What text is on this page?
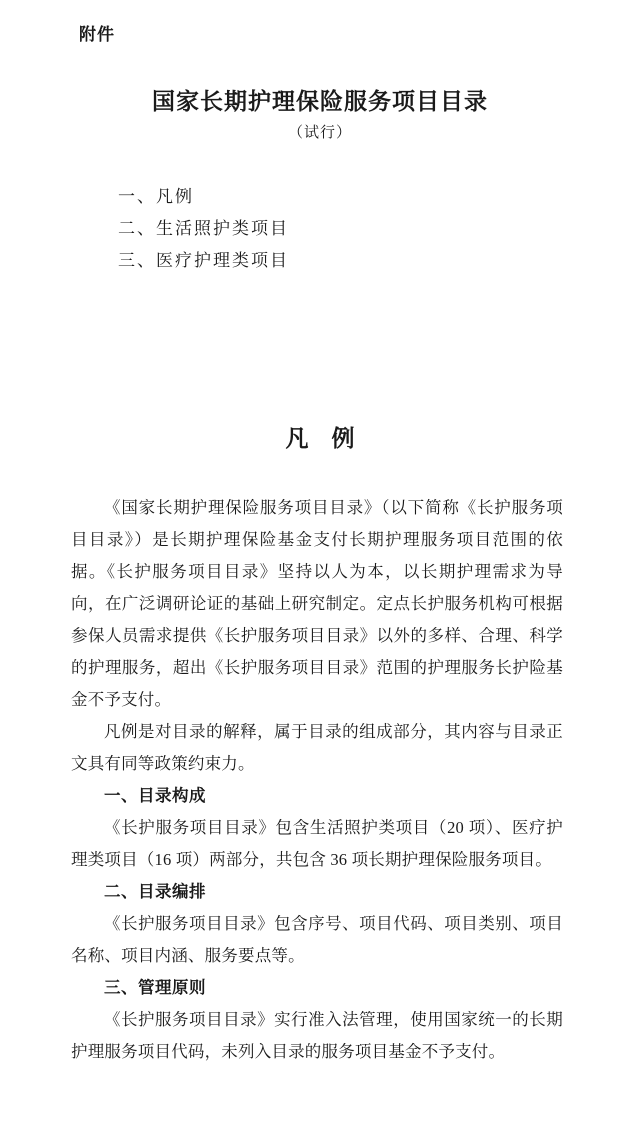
附件
国家长期护理保险服务项目目录
（试行）
一、凡例
二、生活照护类项目
三、医疗护理类项目
凡　例

《国家长期护理保险服务项目目录》（以下简称《长护服务项目目录》）是长期护理保险基金支付长期护理服务项目范围的依据。《长护服务项目目录》坚持以人为本，以长期护理需求为导向，在广泛调研论证的基础上研究制定。定点长护服务机构可根据参保人员需求提供《长护服务项目目录》以外的多样、合理、科学的护理服务，超出《长护服务项目目录》范围的护理服务长护险基金不予支付。

凡例是对目录的解释，属于目录的组成部分，其内容与目录正文具有同等政策约束力。

一、目录构成

《长护服务项目目录》包含生活照护类项目（20 项）、医疗护理类项目（16 项）两部分，共包含 36 项长期护理保险服务项目。

二、目录编排

《长护服务项目目录》包含序号、项目代码、项目类别、项目名称、项目内涵、服务要点等。

三、管理原则

《长护服务项目目录》实行准入法管理，使用国家统一的长期护理服务项目代码，未列入目录的服务项目基金不予支付。
